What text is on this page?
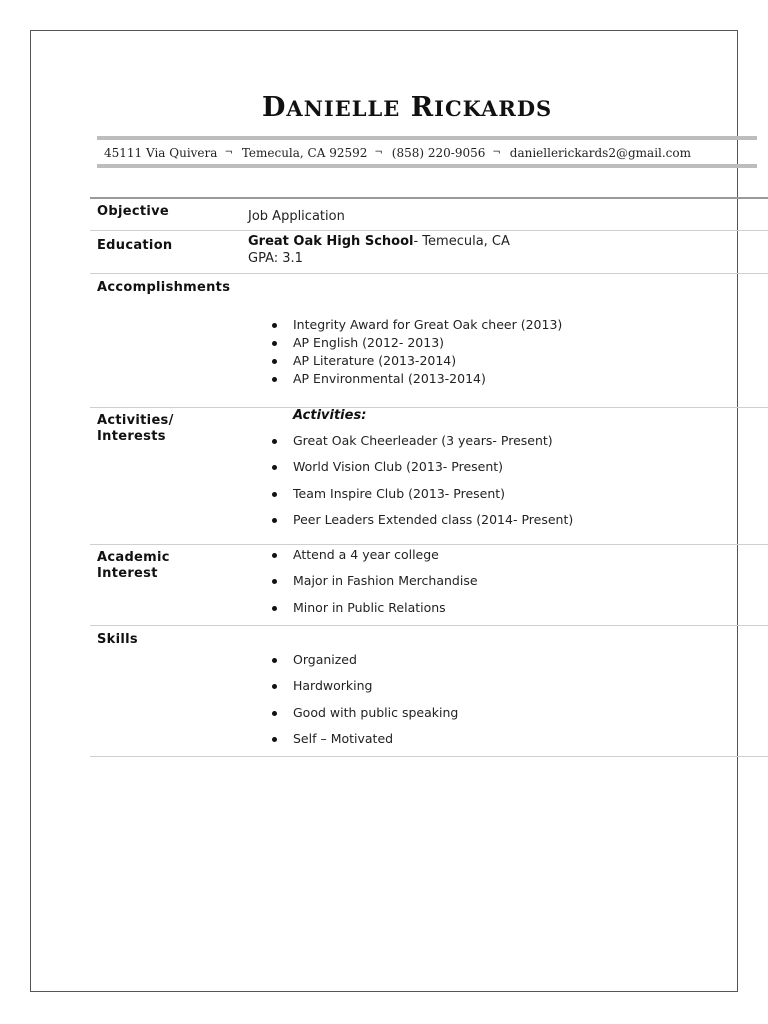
DANIELLE RICKARDS
45111 Via Quivera ¬ Temecula, CA 92592 ¬ (858) 220-9056 ¬ daniellerickards2@gmail.com
Objective	Job Application
Education	Great Oak High School- Temecula, CA
GPA: 3.1
Accomplishments
Integrity Award for Great Oak cheer (2013)
AP English (2012- 2013)
AP Literature (2013-2014)
AP Environmental (2013-2014)
Activities/
Interests
Activities:
Great Oak Cheerleader (3 years- Present)
World Vision Club (2013- Present)
Team Inspire Club (2013- Present)
Peer Leaders Extended class (2014- Present)
Academic
Interest
Attend a 4 year college
Major in Fashion Merchandise
Minor in Public Relations
Skills
Organized
Hardworking
Good with public speaking
Self – Motivated
